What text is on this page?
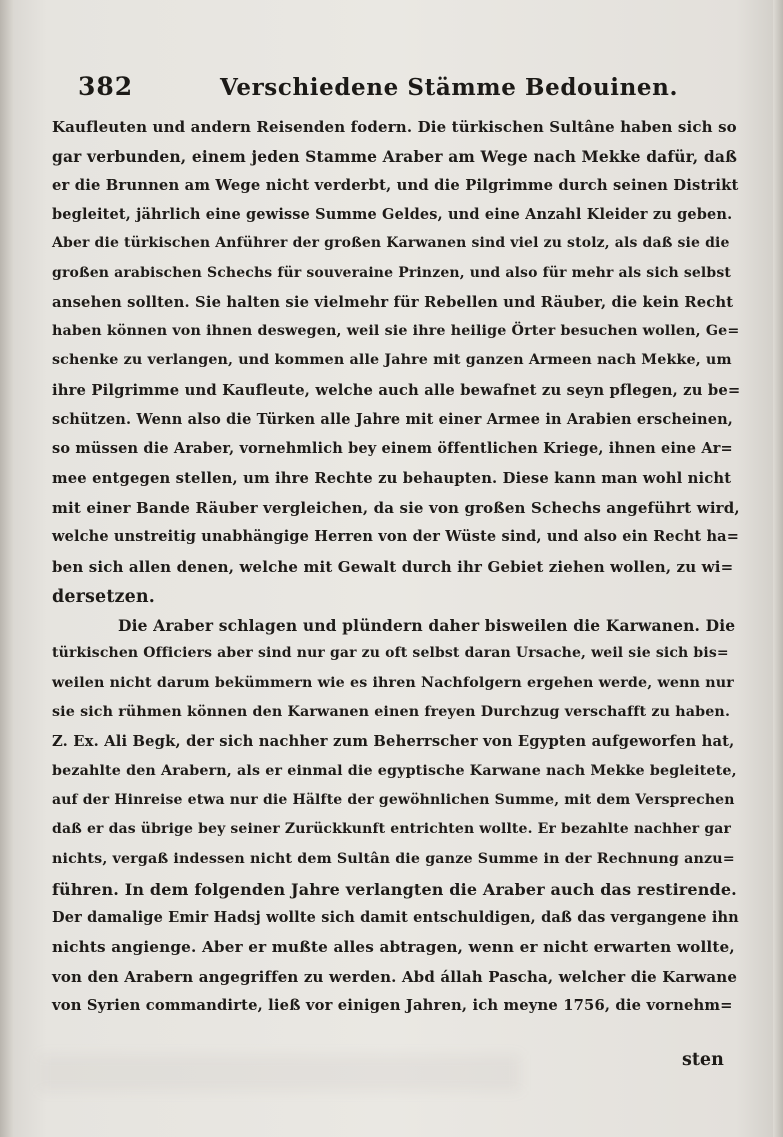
382	Verschiedene Stämme Bedouinen.
Kaufleuten und andern Reisenden fodern. Die türkischen Sultâne haben sich so
gar verbunden, einem jeden Stamme Araber am Wege nach Mekke dafür, daß
er die Brunnen am Wege nicht verderbt, und die Pilgrimme durch seinen Distrikt
begleitet, jährlich eine gewisse Summe Geldes, und eine Anzahl Kleider zu geben.
Aber die türkischen Anführer der großen Karwanen sind viel zu stolz, als daß sie die
großen arabischen Schechs für souveraine Prinzen, und also für mehr als sich selbst
ansehen sollten. Sie halten sie vielmehr für Rebellen und Räuber, die kein Recht
haben können von ihnen deswegen, weil sie ihre heilige Örter besuchen wollen, Ge=
schenke zu verlangen, und kommen alle Jahre mit ganzen Armeen nach Mekke, um
ihre Pilgrimme und Kaufleute, welche auch alle bewafnet zu seyn pflegen, zu be=
schützen. Wenn also die Türken alle Jahre mit einer Armee in Arabien erscheinen,
so müssen die Araber, vornehmlich bey einem öffentlichen Kriege, ihnen eine Ar=
mee entgegen stellen, um ihre Rechte zu behaupten. Diese kann man wohl nicht
mit einer Bande Räuber vergleichen, da sie von großen Schechs angeführt wird,
welche unstreitig unabhängige Herren von der Wüste sind, und also ein Recht ha=
ben sich allen denen, welche mit Gewalt durch ihr Gebiet ziehen wollen, zu wi=
dersetzen.
Die Araber schlagen und plündern daher bisweilen die Karwanen. Die
türkischen Officiers aber sind nur gar zu oft selbst daran Ursache, weil sie sich bis=
weilen nicht darum bekümmern wie es ihren Nachfolgern ergehen werde, wenn nur
sie sich rühmen können den Karwanen einen freyen Durchzug verschafft zu haben.
Z. Ex. Ali Begk, der sich nachher zum Beherrscher von Egypten aufgeworfen hat,
bezahlte den Arabern, als er einmal die egyptische Karwane nach Mekke begleitete,
auf der Hinreise etwa nur die Hälfte der gewöhnlichen Summe, mit dem Versprechen
daß er das übrige bey seiner Zurückkunft entrichten wollte. Er bezahlte nachher gar
nichts, vergaß indessen nicht dem Sultân die ganze Summe in der Rechnung anzu=
führen. In dem folgenden Jahre verlangten die Araber auch das restirende.
Der damalige Emir Hadsj wollte sich damit entschuldigen, daß das vergangene ihn
nichts angienge. Aber er mußte alles abtragen, wenn er nicht erwarten wollte,
von den Arabern angegriffen zu werden. Abd állah Pascha, welcher die Karwane
von Syrien commandirte, ließ vor einigen Jahren, ich meyne 1756, die vornehm=
sten
